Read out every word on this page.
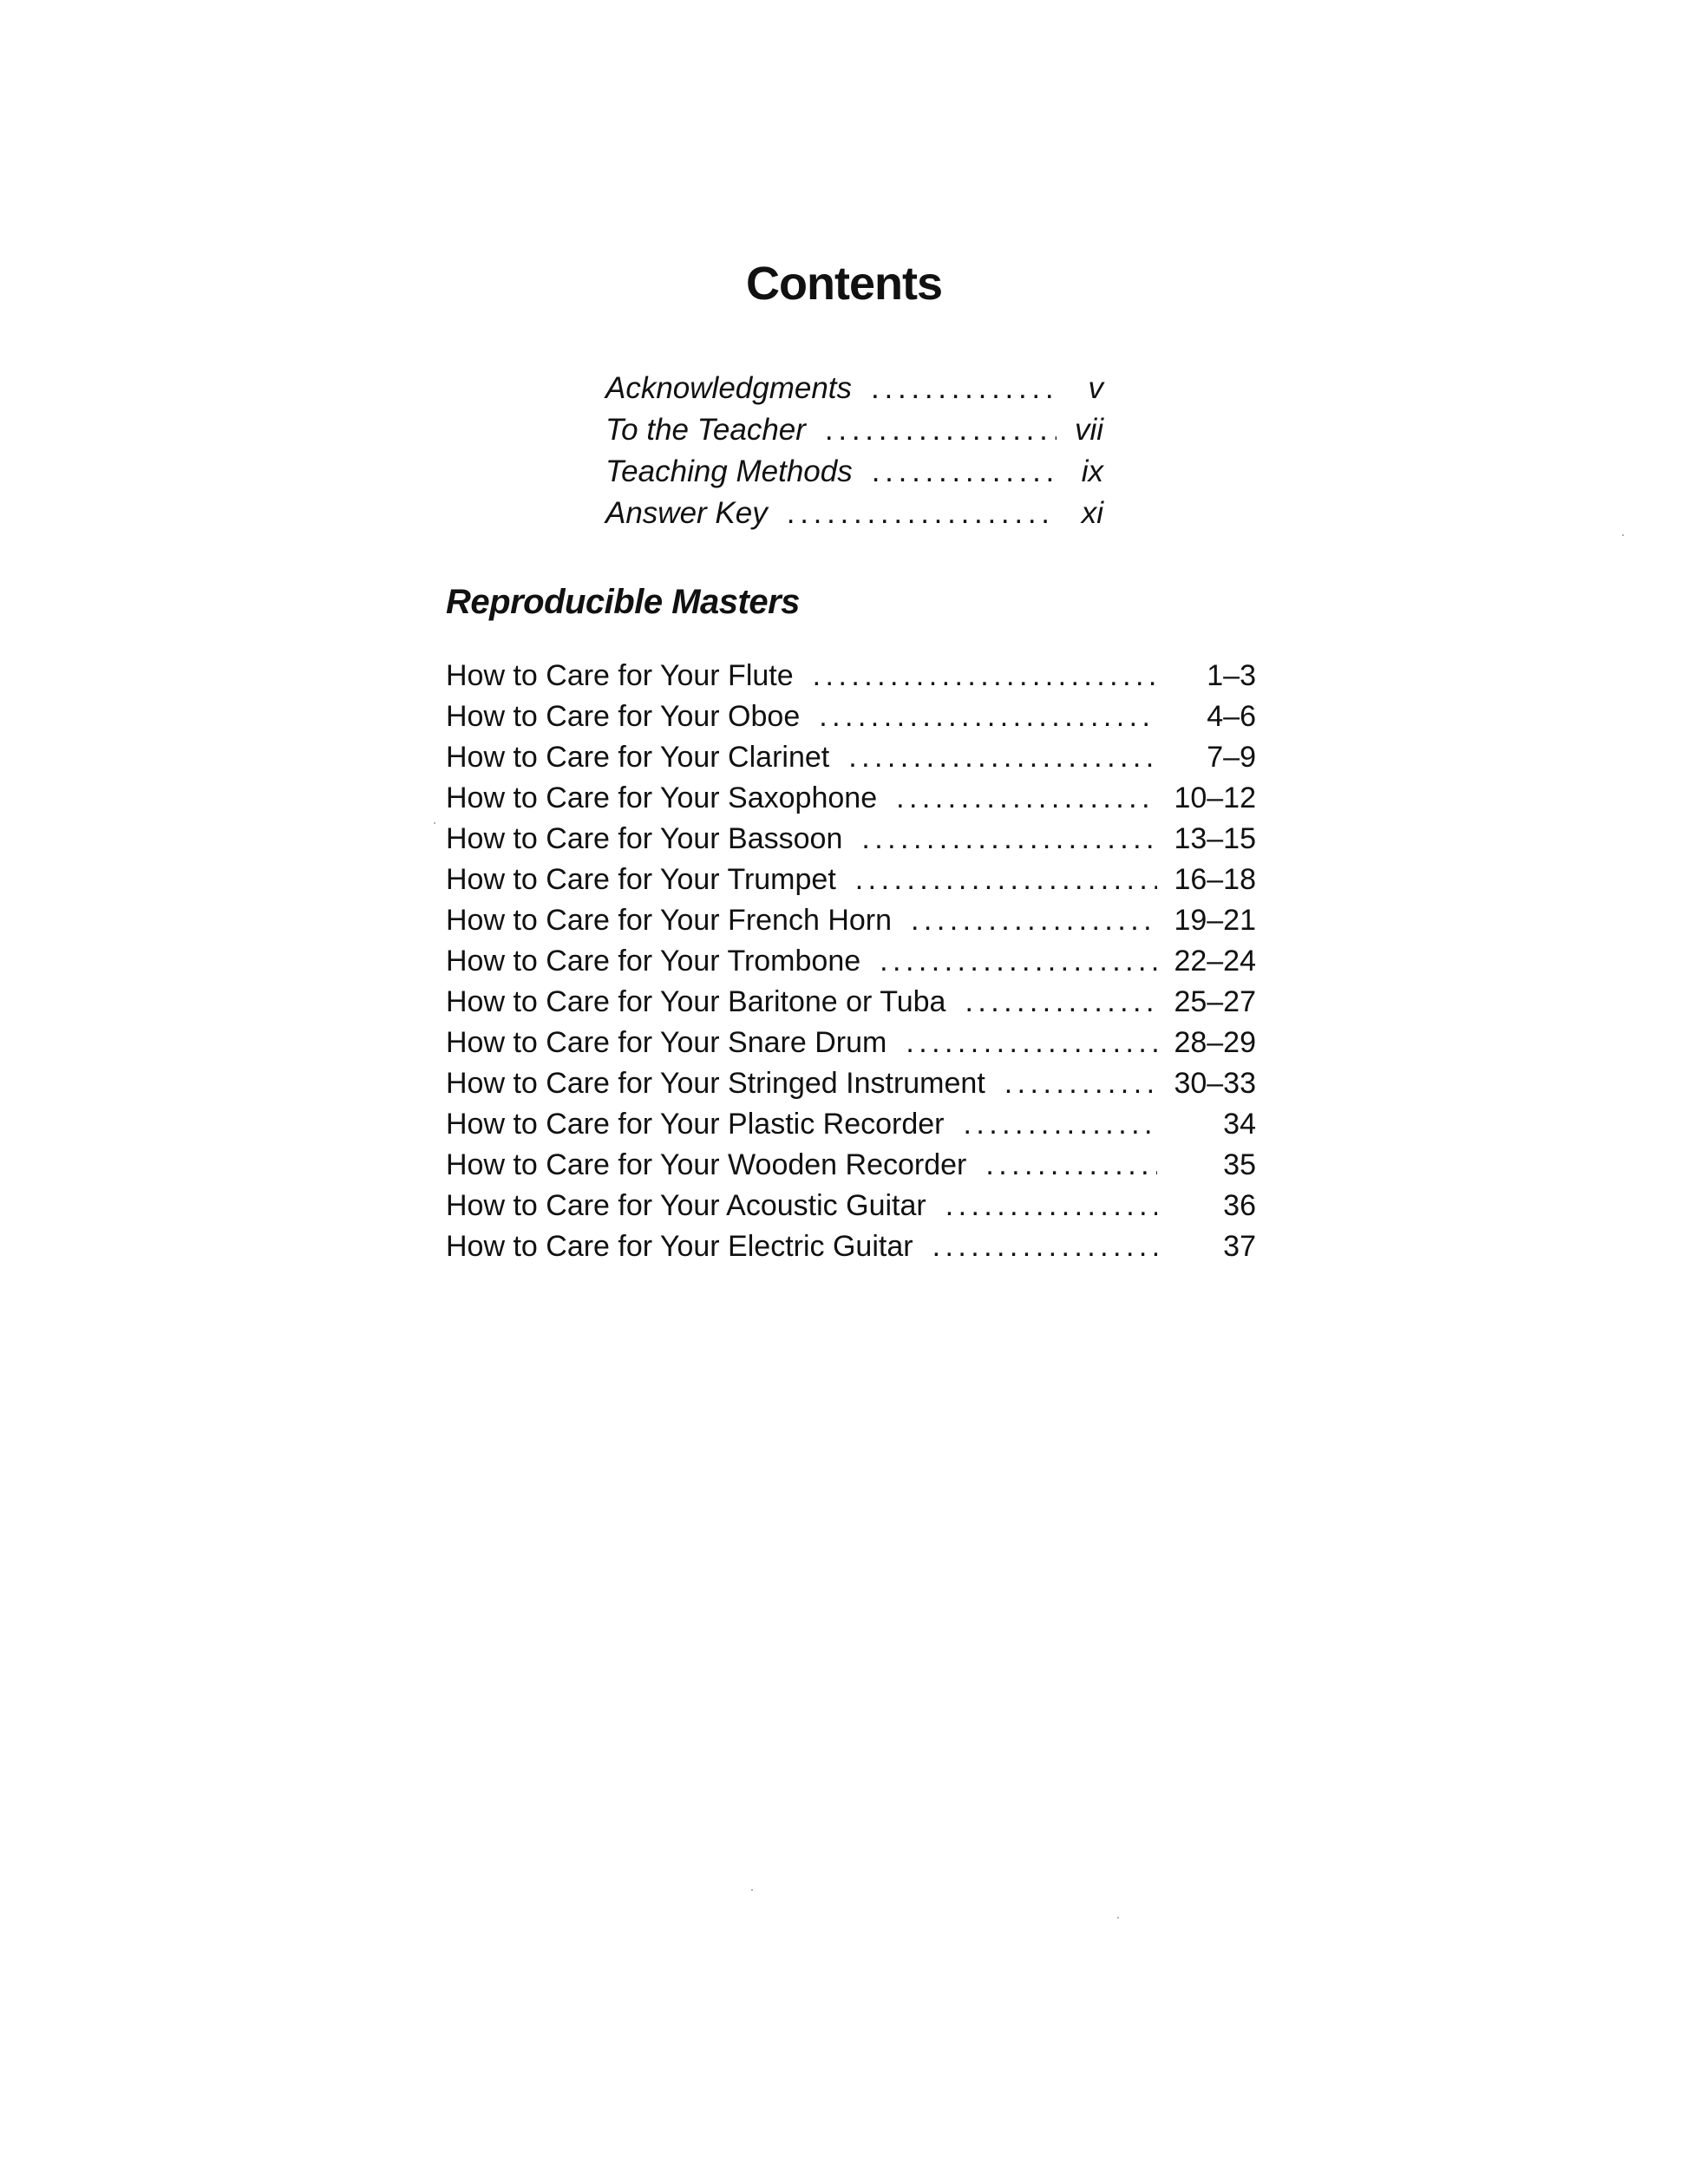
Contents
Acknowledgments . . .	v
To the Teacher . . .	vii
Teaching Methods . . .	ix
Answer Key . . .	xi
Reproducible Masters
How to Care for Your Flute . . .	1–3
How to Care for Your Oboe . . .	4–6
How to Care for Your Clarinet . . .	7–9
How to Care for Your Saxophone . . .	10–12
How to Care for Your Bassoon . . .	13–15
How to Care for Your Trumpet . . .	16–18
How to Care for Your French Horn . . .	19–21
How to Care for Your Trombone . . .	22–24
How to Care for Your Baritone or Tuba . . .	25–27
How to Care for Your Snare Drum . . .	28–29
How to Care for Your Stringed Instrument . . .	30–33
How to Care for Your Plastic Recorder . . .	34
How to Care for Your Wooden Recorder . . .	35
How to Care for Your Acoustic Guitar . . .	36
How to Care for Your Electric Guitar . . .	37
